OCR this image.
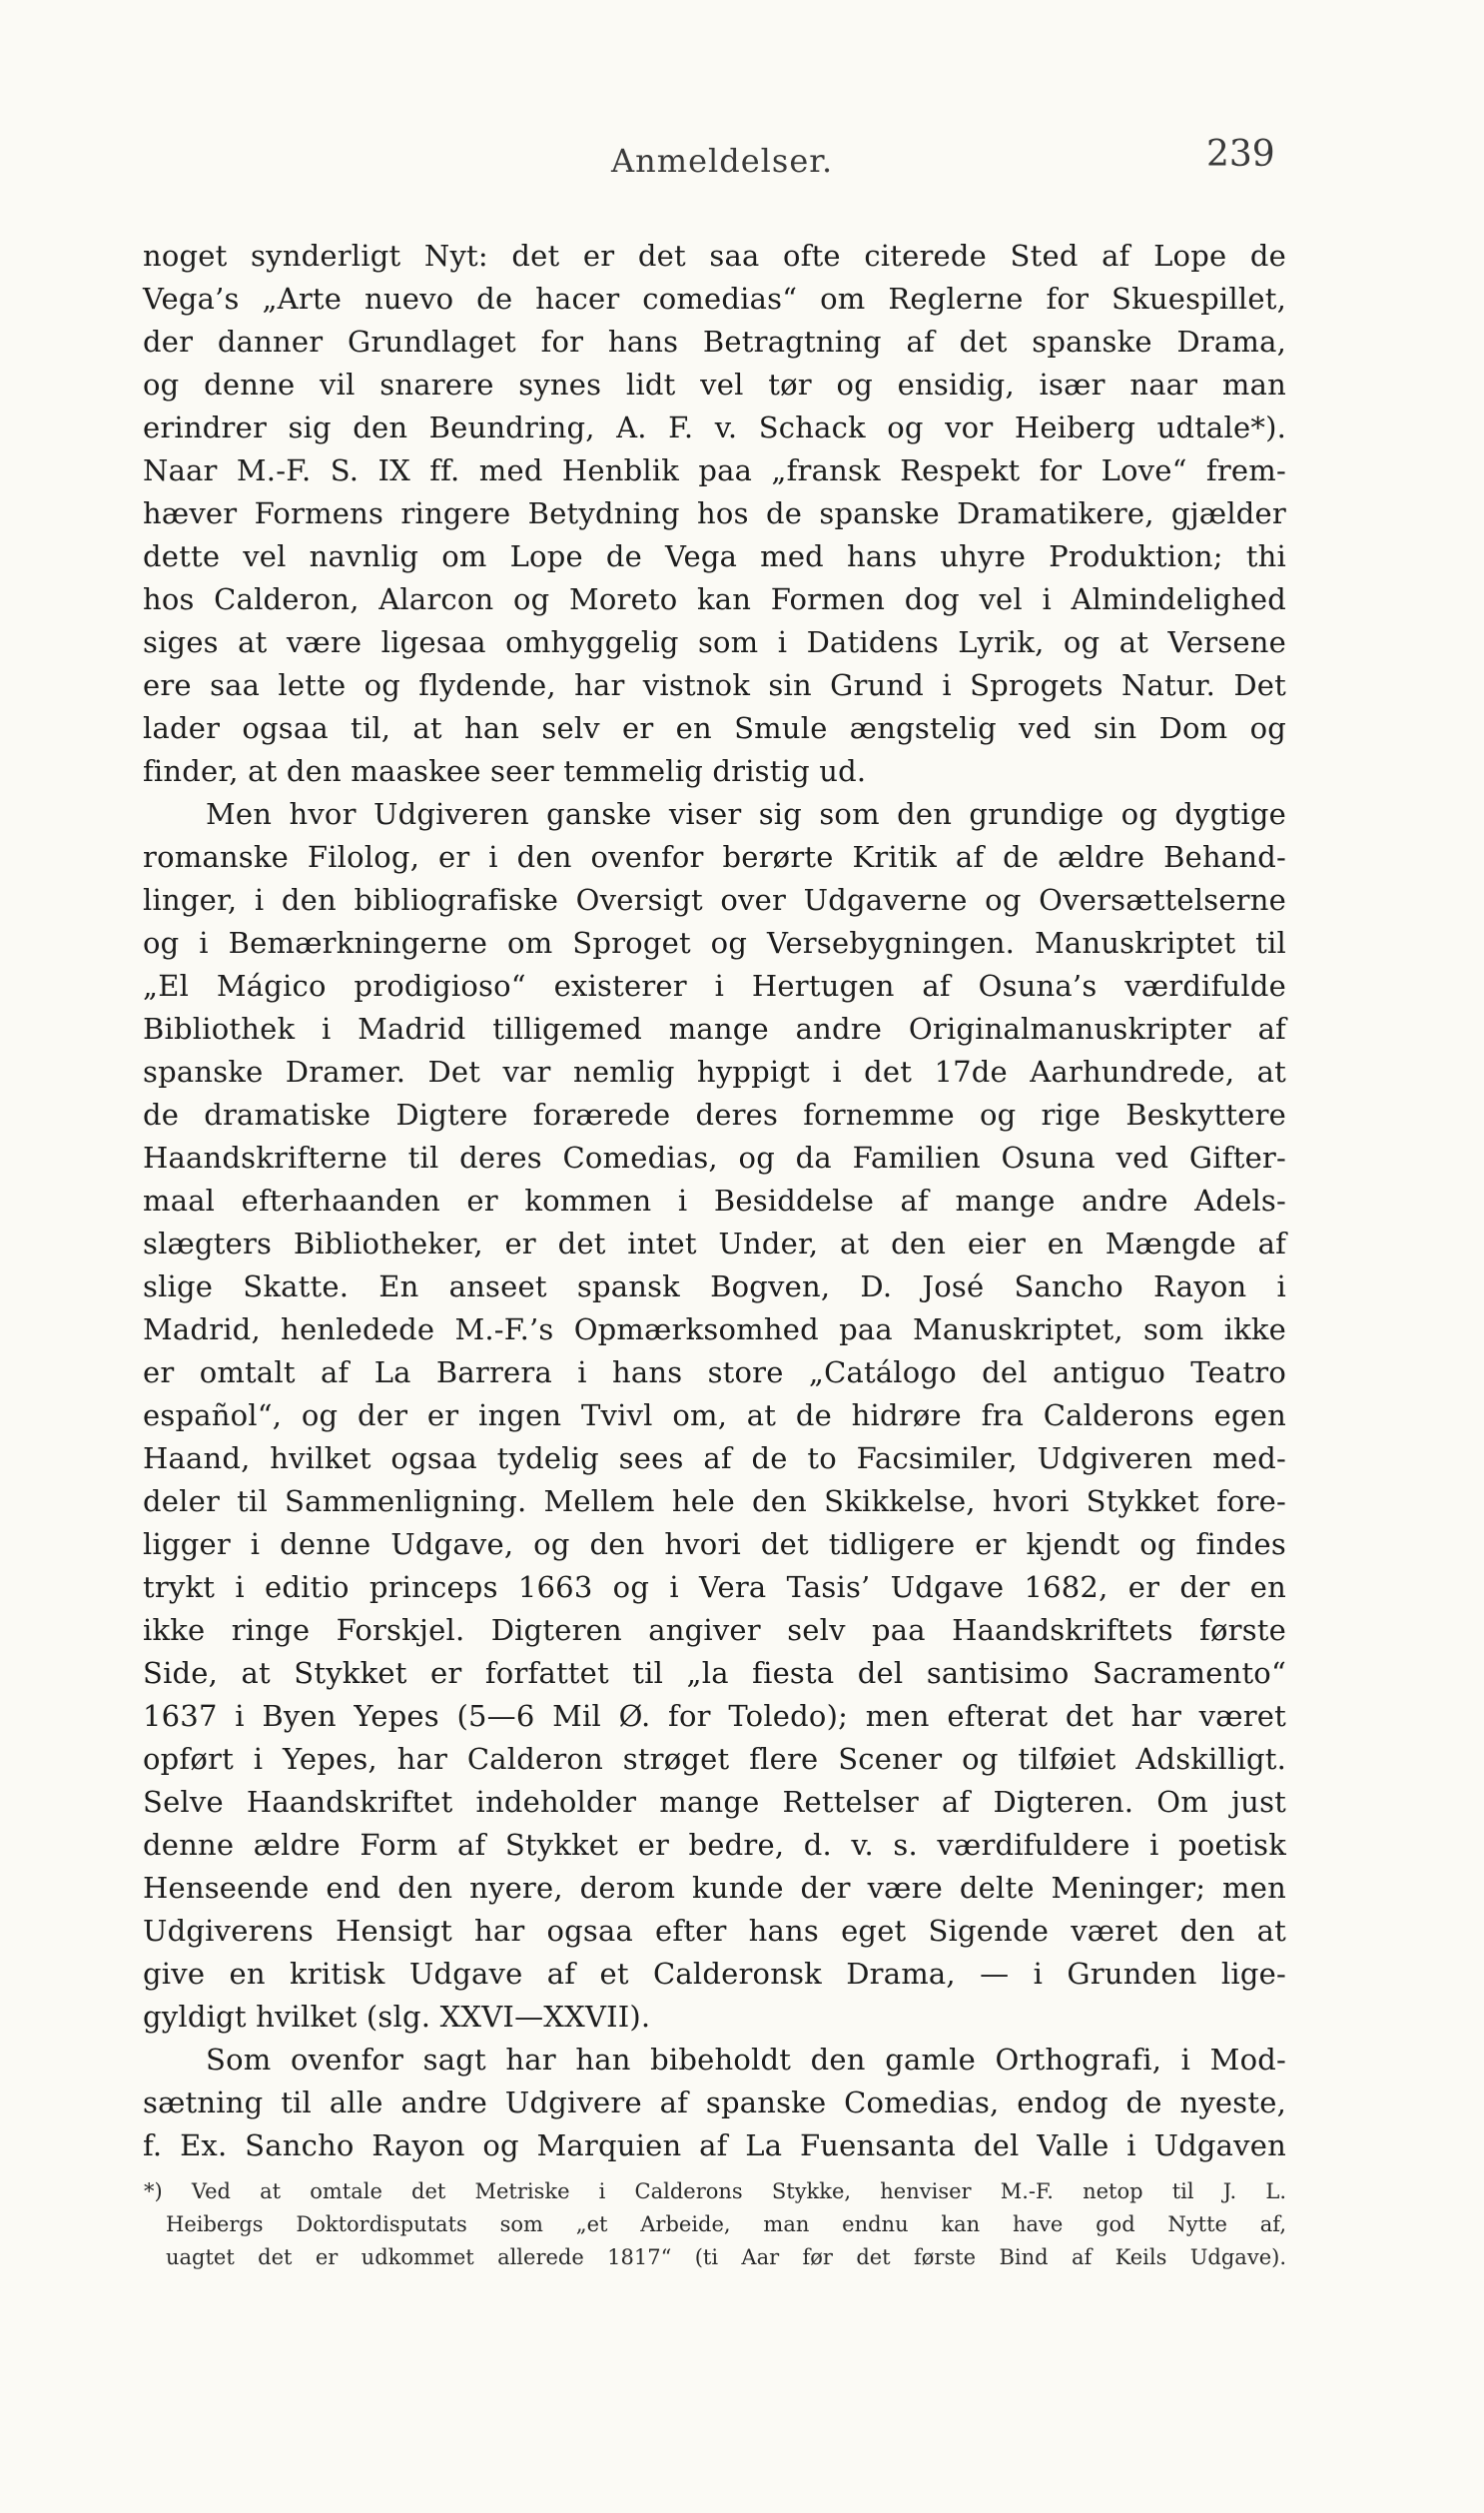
Anmeldelser.	239
noget synderligt Nyt: det er det saa ofte citerede Sted af Lope de
Vega’s „Arte nuevo de hacer comedias“ om Reglerne for Skuespillet,
der danner Grundlaget for hans Betragtning af det spanske Drama,
og denne vil snarere synes lidt vel tør og ensidig, især naar man
erindrer sig den Beundring, A. F. v. Schack og vor Heiberg udtale*).
Naar M.-F. S. IX ff. med Henblik paa „fransk Respekt for Love“ frem-
hæver Formens ringere Betydning hos de spanske Dramatikere, gjælder
dette vel navnlig om Lope de Vega med hans uhyre Produktion; thi
hos Calderon, Alarcon og Moreto kan Formen dog vel i Almindelighed
siges at være ligesaa omhyggelig som i Datidens Lyrik, og at Versene
ere saa lette og flydende, har vistnok sin Grund i Sprogets Natur. Det
lader ogsaa til, at han selv er en Smule ængstelig ved sin Dom og
finder, at den maaskee seer temmelig dristig ud.
Men hvor Udgiveren ganske viser sig som den grundige og dygtige
romanske Filolog, er i den ovenfor berørte Kritik af de ældre Behand-
linger, i den bibliografiske Oversigt over Udgaverne og Oversættelserne
og i Bemærkningerne om Sproget og Versebygningen. Manuskriptet til
„El Mágico prodigioso“ existerer i Hertugen af Osuna’s værdifulde
Bibliothek i Madrid tilligemed mange andre Originalmanuskripter af
spanske Dramer. Det var nemlig hyppigt i det 17de Aarhundrede, at
de dramatiske Digtere forærede deres fornemme og rige Beskyttere
Haandskrifterne til deres Comedias, og da Familien Osuna ved Gifter-
maal efterhaanden er kommen i Besiddelse af mange andre Adels-
slægters Bibliotheker, er det intet Under, at den eier en Mængde af
slige Skatte. En anseet spansk Bogven, D. José Sancho Rayon i
Madrid, henledede M.-F.’s Opmærksomhed paa Manuskriptet, som ikke
er omtalt af La Barrera i hans store „Catálogo del antiguo Teatro
español“, og der er ingen Tvivl om, at de hidrøre fra Calderons egen
Haand, hvilket ogsaa tydelig sees af de to Facsimiler, Udgiveren med-
deler til Sammenligning. Mellem hele den Skikkelse, hvori Stykket fore-
ligger i denne Udgave, og den hvori det tidligere er kjendt og findes
trykt i editio princeps 1663 og i Vera Tasis’ Udgave 1682, er der en
ikke ringe Forskjel. Digteren angiver selv paa Haandskriftets første
Side, at Stykket er forfattet til „la fiesta del santisimo Sacramento“
1637 i Byen Yepes (5—6 Mil Ø. for Toledo); men efterat det har været
opført i Yepes, har Calderon strøget flere Scener og tilføiet Adskilligt.
Selve Haandskriftet indeholder mange Rettelser af Digteren. Om just
denne ældre Form af Stykket er bedre, d. v. s. værdifuldere i poetisk
Henseende end den nyere, derom kunde der være delte Meninger; men
Udgiverens Hensigt har ogsaa efter hans eget Sigende været den at
give en kritisk Udgave af et Calderonsk Drama, — i Grunden lige-
gyldigt hvilket (slg. XXVI—XXVII).
Som ovenfor sagt har han bibeholdt den gamle Orthografi, i Mod-
sætning til alle andre Udgivere af spanske Comedias, endog de nyeste,
f. Ex. Sancho Rayon og Marquien af La Fuensanta del Valle i Udgaven
*) Ved at omtale det Metriske i Calderons Stykke, henviser M.-F. netop til J. L.
Heibergs Doktordisputats som „et Arbeide, man endnu kan have god Nytte af,
uagtet det er udkommet allerede 1817“ (ti Aar før det første Bind af Keils Udgave).
